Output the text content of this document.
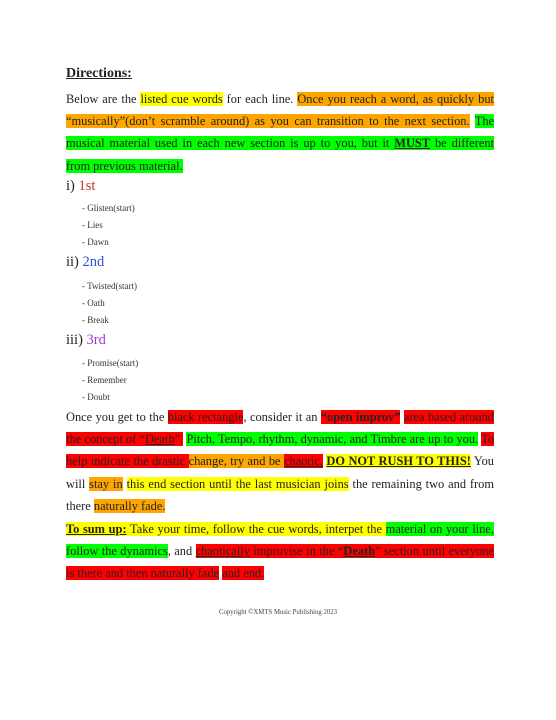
Directions:
Below are the listed cue words for each line. Once you reach a word, as quickly but “musically”(don’t scramble around) as you can transition to the next section. The musical material used in each new section is up to you, but it MUST be different from previous material.
i) 1st
- Glisten(start)
- Lies
- Dawn
ii) 2nd
- Twisted(start)
- Oath
- Break
iii) 3rd
- Promise(start)
- Remember
- Doubt
Once you get to the black rectangle, consider it an “open improv” area based around the concept of “Death”. Pitch, Tempo, rhythm, dynamic, and Timbre are up to you. To help indicate the drastic change, try and be chaotic. DO NOT RUSH TO THIS! You will stay in this end section until the last musician joins the remaining two and from there naturally fade.
To sum up: Take your time, follow the cue words, interpet the material on your line, follow the dynamics, and chaotically improvise in the “Death” section until everyone is there and then naturally fade and end.
Copyright ©XMTS Music Publishing 2023
